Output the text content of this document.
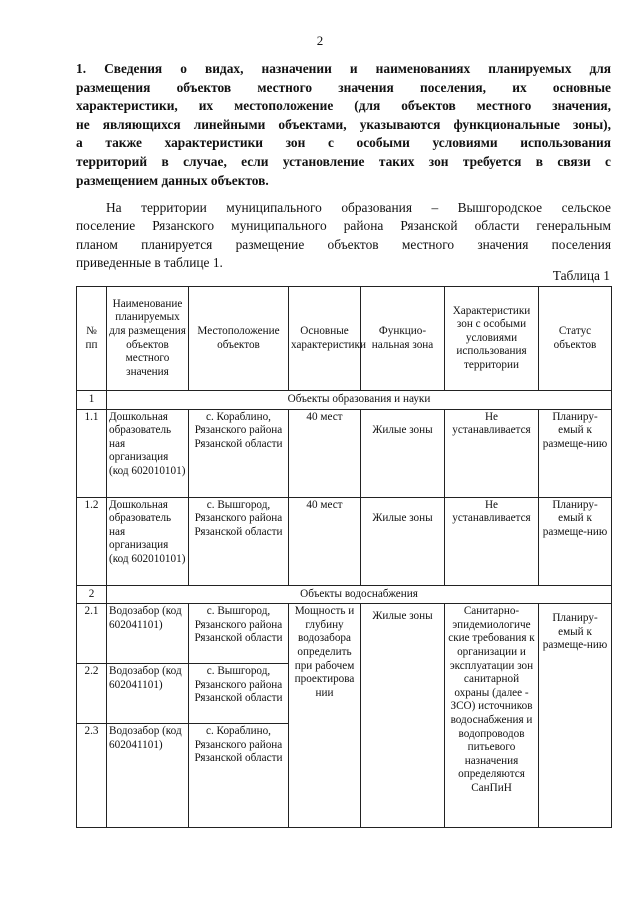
2
1. Сведения о видах, назначении и наименованиях планируемых для
размещения объектов местного значения поселения, их основные
характеристики, их местоположение (для объектов местного значения,
не являющихся линейными объектами, указываются функциональные зоны),
а также характеристики зон с особыми условиями использования
территорий в случае, если установление таких зон требуется в связи с
размещением данных объектов.
На территории муниципального образования – Вышгородское сельское
поселение Рязанского муниципального района Рязанской области генеральным
планом планируется размещение объектов местного значения поселения
приведенные в таблице 1.
Таблица 1
№ пп	Наименование планируемых для размещения объектов местного значения	Местоположение объектов	Основные характеристики	Функцио-нальная зона	Характеристики зон с особыми условиями использования территории	Статус объектов
1	Объекты образования и науки					
1.1	Дошкольная образователь ная организация (код 602010101)	с. Кораблино, Рязанского района Рязанской области	40 мест	Жилые зоны	Не устанавливается	Планиру-емый к размеще-нию
1.2	Дошкольная образователь ная организация (код 602010101)	с. Вышгород, Рязанского района Рязанской области	40 мест	Жилые зоны	Не устанавливается	Планиру-емый к размеще-нию
2	Объекты водоснабжения					
2.1	Водозабор (код 602041101)	с. Вышгород, Рязанского района Рязанской области	Мощность и глубину водозабора определить при рабочем проектирова нии	Жилые зоны	Санитарно-эпидемиологиче ские требования к организации и эксплуатации зон санитарной охраны (далее - ЗСО) источников водоснабжения и водопроводов питьевого назначения определяются СанПиН	Планиру-емый к размеще-нию
2.2	Водозабор (код 602041101)	с. Вышгород, Рязанского района Рязанской области				
2.3	Водозабор (код 602041101)	с. Кораблино, Рязанского района Рязанской области				
